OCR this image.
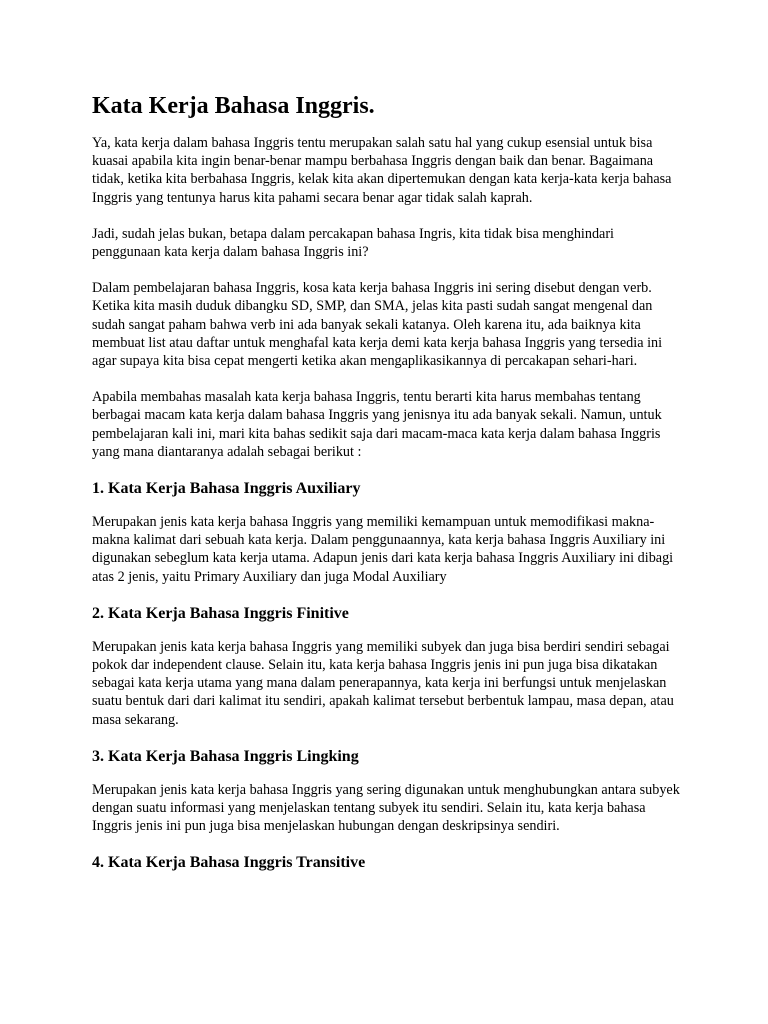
Kata Kerja Bahasa Inggris.

Ya, kata kerja dalam bahasa Inggris tentu merupakan salah satu hal yang cukup esensial untuk bisa kuasai apabila kita ingin benar-benar mampu berbahasa Inggris dengan baik dan benar. Bagaimana tidak, ketika kita berbahasa Inggris, kelak kita akan dipertemukan dengan kata kerja-kata kerja bahasa Inggris yang tentunya harus kita pahami secara benar agar tidak salah kaprah.

Jadi, sudah jelas bukan, betapa dalam percakapan bahasa Ingris, kita tidak bisa menghindari penggunaan kata kerja dalam bahasa Inggris ini?

Dalam pembelajaran bahasa Inggris, kosa kata kerja bahasa Inggris ini sering disebut dengan verb. Ketika kita masih duduk dibangku SD, SMP, dan SMA, jelas kita pasti sudah sangat mengenal dan sudah sangat paham bahwa verb ini ada banyak sekali katanya. Oleh karena itu, ada baiknya kita membuat list atau daftar untuk menghafal kata kerja demi kata kerja bahasa Inggris yang tersedia ini agar supaya kita bisa cepat mengerti ketika akan mengaplikasikannya di percakapan sehari-hari.

Apabila membahas masalah kata kerja bahasa Inggris, tentu berarti kita harus membahas tentang berbagai macam kata kerja dalam bahasa Inggris yang jenisnya itu ada banyak sekali. Namun, untuk pembelajaran kali ini, mari kita bahas sedikit saja dari macam-maca kata kerja dalam bahasa Inggris yang mana diantaranya adalah sebagai berikut :

1. Kata Kerja Bahasa Inggris Auxiliary

Merupakan jenis kata kerja bahasa Inggris yang memiliki kemampuan untuk memodifikasi makna-makna kalimat dari sebuah kata kerja. Dalam penggunaannya, kata kerja bahasa Inggris Auxiliary ini digunakan sebeglum kata kerja utama. Adapun jenis dari kata kerja bahasa Inggris Auxiliary ini dibagi atas 2 jenis, yaitu Primary Auxiliary dan juga Modal Auxiliary

2. Kata Kerja Bahasa Inggris Finitive

Merupakan jenis kata kerja bahasa Inggris yang memiliki subyek dan juga bisa berdiri sendiri sebagai pokok dar independent clause. Selain itu, kata kerja bahasa Inggris jenis ini pun juga bisa dikatakan sebagai kata kerja utama yang mana dalam penerapannya, kata kerja ini berfungsi untuk menjelaskan suatu bentuk dari dari kalimat itu sendiri, apakah kalimat tersebut berbentuk lampau, masa depan, atau masa sekarang.

3. Kata Kerja Bahasa Inggris Lingking

Merupakan jenis kata kerja bahasa Inggris yang sering digunakan untuk menghubungkan antara subyek dengan suatu informasi yang menjelaskan tentang subyek itu sendiri. Selain itu, kata kerja bahasa Inggris jenis ini pun juga bisa menjelaskan hubungan dengan deskripsinya sendiri.

4. Kata Kerja Bahasa Inggris Transitive
